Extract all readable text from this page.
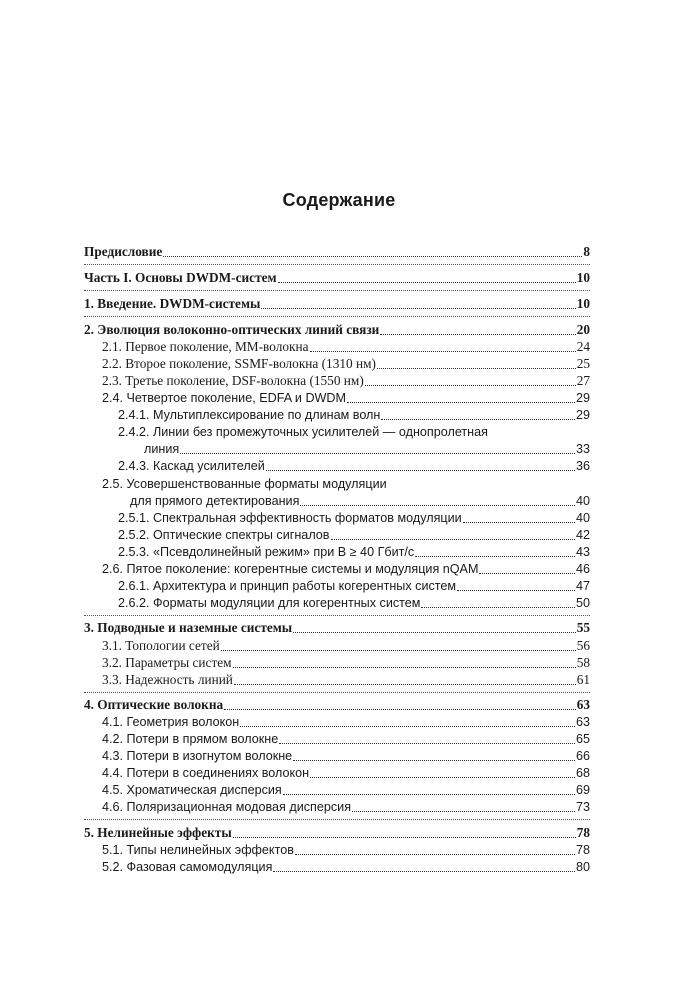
Содержание
Предисловие	8
Часть I. Основы DWDM-систем	10
1. Введение. DWDM-системы	10
2. Эволюция волоконно-оптических линий связи	20
2.1. Первое поколение, ММ-волокна	24
2.2. Второе поколение, SSMF-волокна (1310 нм)	25
2.3. Третье поколение, DSF-волокна (1550 нм)	27
2.4. Четвертое поколение, EDFA и DWDM	29
2.4.1. Мультиплексирование по длинам волн	29
2.4.2. Линии без промежуточных усилителей — однопролетная
линия	33
2.4.3. Каскад усилителей	36
2.5. Усовершенствованные форматы модуляции
для прямого детектирования	40
2.5.1. Спектральная эффективность форматов модуляции	40
2.5.2. Оптические спектры сигналов	42
2.5.3. «Псевдолинейный режим» при B ≥ 40 Гбит/с	43
2.6. Пятое поколение: когерентные системы и модуляция nQAM	46
2.6.1. Архитектура и принцип работы когерентных систем	47
2.6.2. Форматы модуляции для когерентных систем	50
3. Подводные и наземные системы	55
3.1. Топологии сетей	56
3.2. Параметры систем	58
3.3. Надежность линий	61
4. Оптические волокна	63
4.1. Геометрия волокон	63
4.2. Потери в прямом волокне	65
4.3. Потери в изогнутом волокне	66
4.4. Потери в соединениях волокон	68
4.5. Хроматическая дисперсия	69
4.6. Поляризационная модовая дисперсия	73
5. Нелинейные эффекты	78
5.1. Типы нелинейных эффектов	78
5.2. Фазовая самомодуляция	80
